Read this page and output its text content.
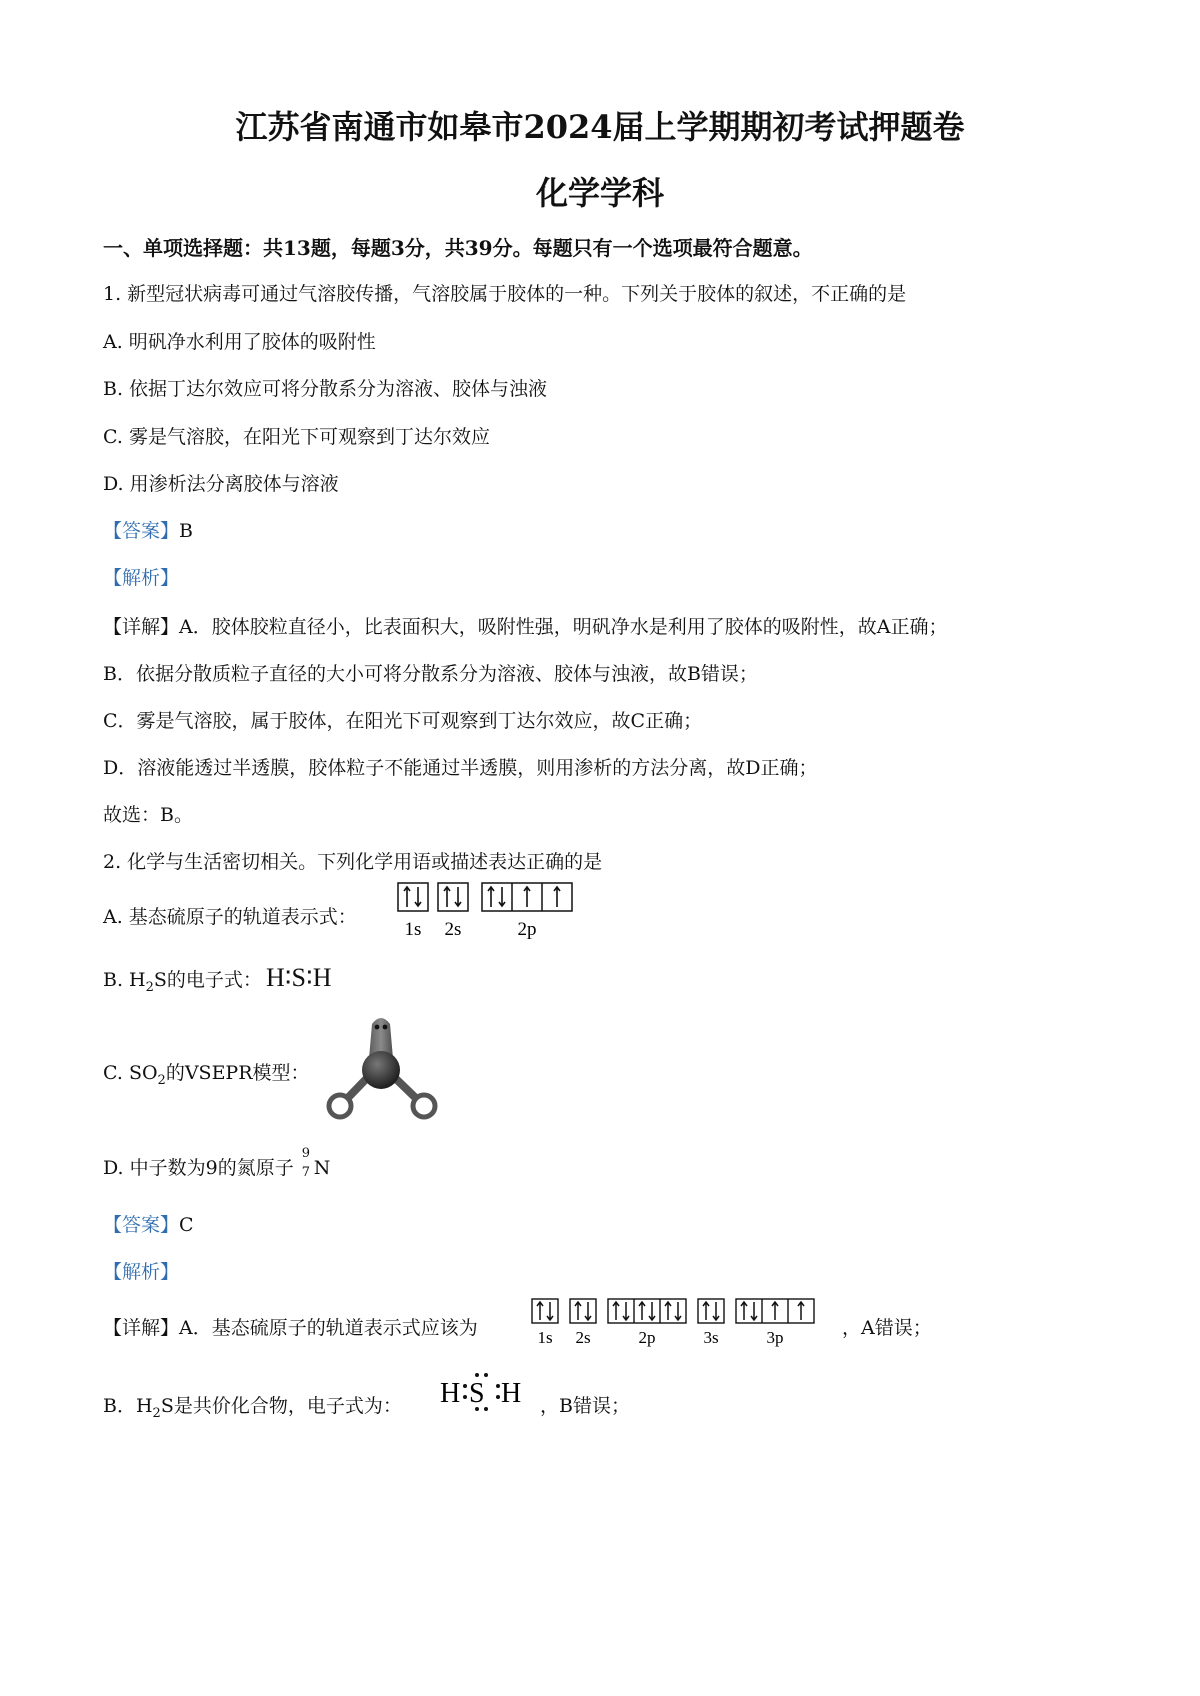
江苏省南通市如皋市2024届上学期期初考试押题卷
化学学科
一、单项选择题：共13题，每题3分，共39分。每题只有一个选项最符合题意。
1. 新型冠状病毒可通过气溶胶传播，气溶胶属于胶体的一种。下列关于胶体的叙述，不正确的是
A. 明矾净水利用了胶体的吸附性
B. 依据丁达尔效应可将分散系分为溶液、胶体与浊液
C. 雾是气溶胶，在阳光下可观察到丁达尔效应
D. 用渗析法分离胶体与溶液
【答案】B
【解析】
【详解】A．胶体胶粒直径小，比表面积大，吸附性强，明矾净水是利用了胶体的吸附性，故A正确；
B．依据分散质粒子直径的大小可将分散系分为溶液、胶体与浊液，故B错误；
C．雾是气溶胶，属于胶体，在阳光下可观察到丁达尔效应，故C正确；
D．溶液能透过半透膜，胶体粒子不能通过半透膜，则用渗析的方法分离，故D正确；
故选：B。
2. 化学与生活密切相关。下列化学用语或描述表达正确的是
A. 基态硫原子的轨道表示式：
1s 2s	2p
B. $H_2S$的电子式： H∶S∶H
C. $SO_2$的VSEPR模型：
D. 中子数为9的氮原子
9
7 N
【答案】C
【解析】
【详解】A．基态硫原子的轨道表示式应该为	1s 2s	2p	3s	3p	，A错误；
B．$H_2S$是共价化合物，电子式为： H S H ，B错误；
